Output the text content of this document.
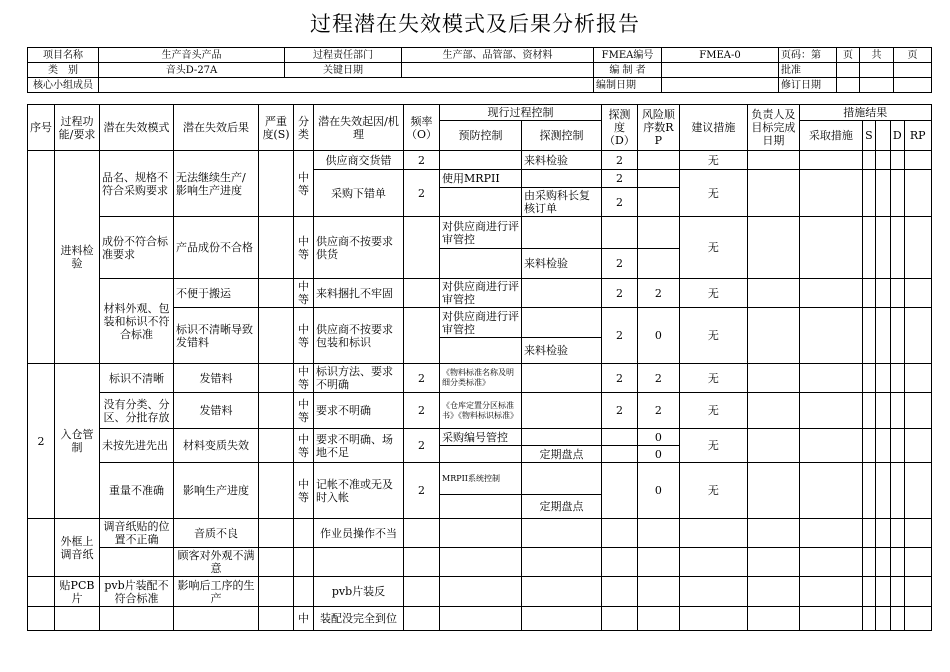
过程潜在失效模式及后果分析报告
项目名称	生产音头产品	过程责任部门	生产部、品管部、资材料	FMEA编号	FMEA-0	页码：第	页	共	页
类　别	音头D-27A	关键日期		编 制 者		批准			
核心小组成员				编制日期		修订日期			
序号	过程功能/要求	潜在失效模式	潜在失效后果	严重度(S)	分类	潜在失效起因/机理	频率（O）	现行过程控制		探测度（D）	风险顺序数RP	建议措施	负责人及目标完成日期	措施结果				
								预防控制	探测控制					采取措施	S		D	RP
	进料检验	品名、规格不符合采购要求	无法继续生产/影响生产进度		中等	供应商交货错	2		来料检验	2		无						
						采购下错单	2	使用MRPII		2		无						
									由采购科长复核订单	2								

		成份不符合标准要求	产品成份不合格		中等	供应商不按要求供货		对供应商进行评审管控				无						
									来料检验	2								
		材料外观、包装和标识不符合标准	不便于搬运		中等	来料捆扎不牢固		对供应商进行评审管控		2	2	无						
			标识不清晰导致发错料		中等	供应商不按要求包装和标识		对供应商进行评审管控		2	0	无						
									来料检验									

2	入仓管制	标识不清晰	发错料		中等	标识方法、要求不明确	2	《物料标准名称及明细分类标准》		2	2	无						
		没有分类、分区、分批存放	发错料		中等	要求不明确	2	《仓库定置分区标准书》《物料标识标准》		2	2	无						
		未按先进先出	材料变质失效		中等	要求不明确、场地不足	2	采购编号管控			0	无						
									定期盘点		0							
		重量不准确	影响生产进度		中等	记帐不准或无及时入帐	2	MRPII系统控制			0	无						

									定期盘点									
	外框上调音纸	调音纸贴的位置不正确	音质不良			作业员操作不当												
			顾客对外观不满意															
	贴PCB片	pvb片装配不符合标准	影响后工序的生产			pvb片装反												
					中	装配没完全到位												
